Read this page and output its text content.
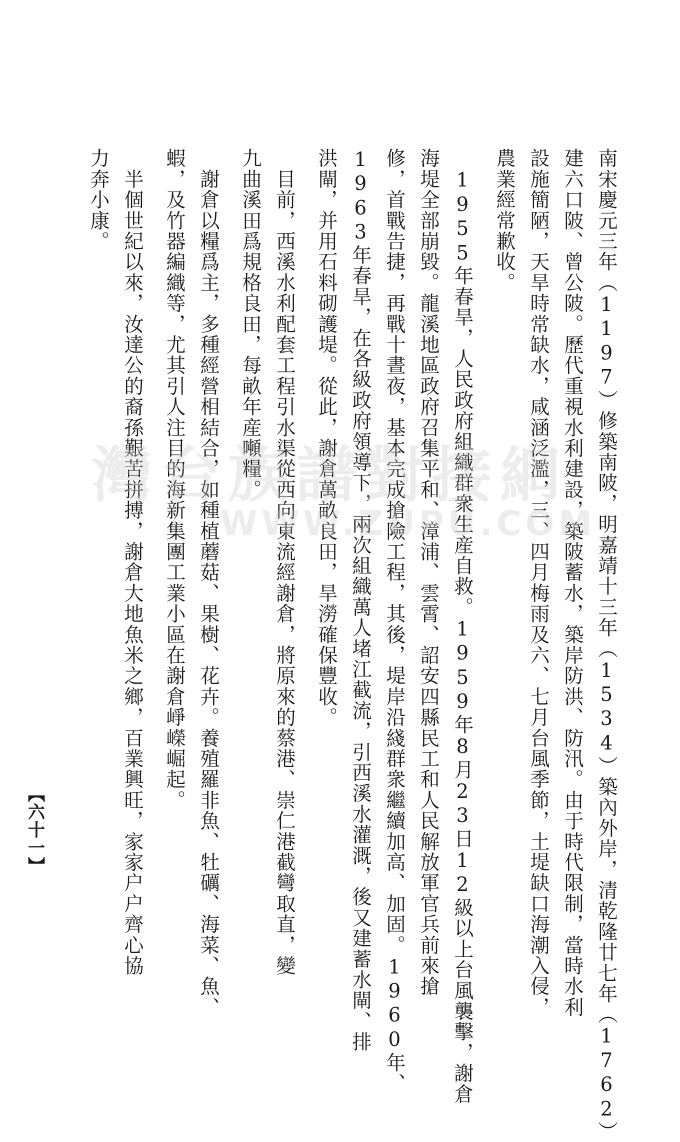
南宋慶元三年（1197）修築南陂，明嘉靖十三年（1534）築內外岸，清乾隆廿七年（1762）
建六口陂、曾公陂。歷代重視水利建設，築陂蓄水，築岸防洪、防汛。由于時代限制，當時水利
設施簡陋，天旱時常缺水，咸涵泛濫，三、四月梅雨及六、七月台風季節，土堤缺口海潮入侵，
農業經常歉收。
　1955年春旱，人民政府組織群衆生産自救。1959年8月23日12級以上台風襲擊，謝倉
海堤全部崩毀。龍溪地區政府召集平和、漳浦、雲霄、詔安四縣民工和人民解放軍官兵前來搶
修，首戰告捷，再戰十晝夜，基本完成搶險工程，其後，堤岸沿綫群衆繼續加高、加固。1960年、
1963年春旱，在各級政府領導下，兩次組織萬人堵江截流，引西溪水灌溉，後又建蓄水閘、排
洪閘，并用石料砌護堤。從此，謝倉萬畝良田，旱澇確保豐收。
　目前，西溪水利配套工程引水渠從西向東流經謝倉，將原來的蔡港、崇仁港截彎取直，變
九曲溪田爲規格良田，每畝年産噸糧。
　謝倉以糧爲主，多種經營相結合，如種植蘑菇、果樹、花卉。養殖羅非魚、牡礪、海菜、魚、
蝦，及竹器編織等，尤其引人注目的海新集團工業小區在謝倉崢嶸崛起。
　半個世紀以來，汝達公的裔孫艱苦拼搏，謝倉大地魚米之鄉，百業興旺，家家户户齊心協
力奔小康。
【六十一】
灣台族譜對接網
WWW.ZUPU.COM
